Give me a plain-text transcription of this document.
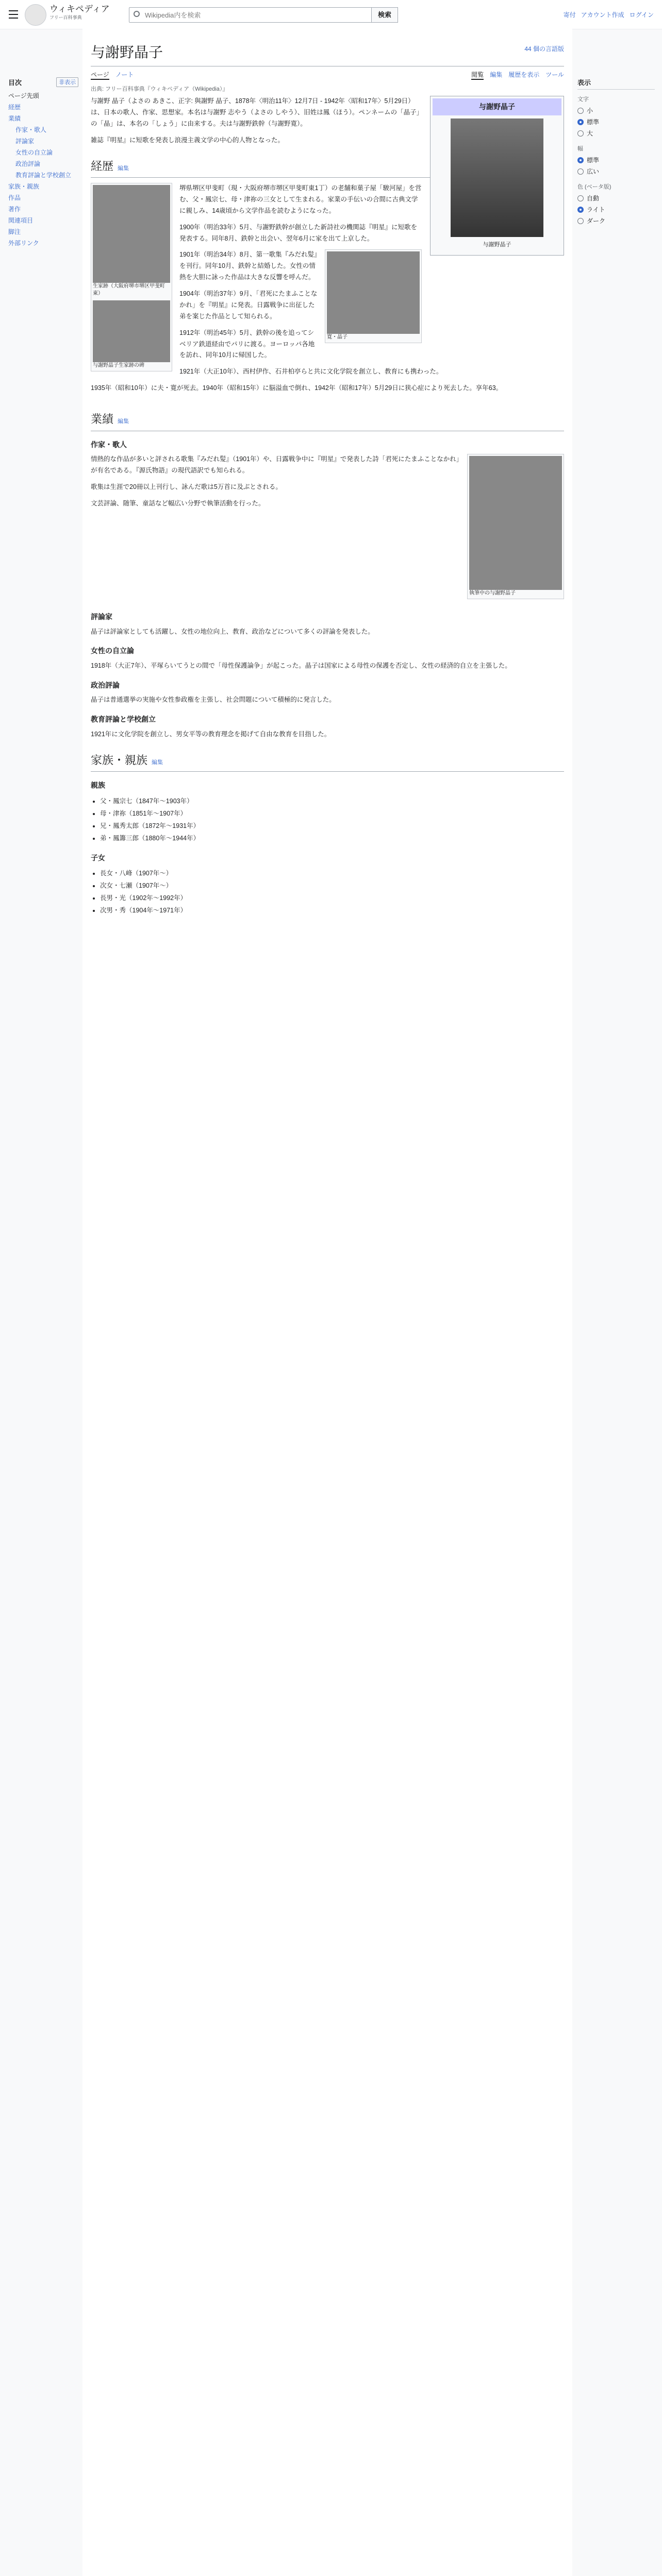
ウィキペディア
フリー百科事典
Wikipedia内を検索	検索	寄付 アカウント作成 ログイン
目次	非表示
ページ先頭
経歴
業績
作家・歌人
評論家
女性の自立論
政治評論
教育評論と学校創立
家族・親族
作品
著作
関連項目
脚注
外部リンク
表示
文字
小
標準
大
幅
標準
広い
色 (ベータ版)
自動
ライト
ダーク
与謝野晶子	44 個の言語版
ページ ノート	閲覧 編集 履歴を表示 ツール
出典: フリー百科事典『ウィキペディア（Wikipedia）』
与謝野晶子
与謝野晶子

与謝野 晶子（よさの あきこ、正字: 與謝野 晶子、1878年〈明治11年〉12月7日 - 1942年〈昭和17年〉5月29日）は、日本の歌人、作家、思想家。本名は与謝野 志やう（よさの しやう）、旧姓は鳳（ほう）。ペンネームの「晶子」の「晶」は、本名の「しょう」に由来する。夫は与謝野鉄幹（与謝野寛）。

雑誌『明星』に短歌を発表し浪漫主義文学の中心的人物となった。

経歴 編集
生家跡（大阪府堺市堺区甲斐町東）
与謝野晶子生家跡の碑

堺県堺区甲斐町（現・大阪府堺市堺区甲斐町東1丁）の老舗和菓子屋「駿河屋」を営む、父・鳳宗七、母・津祢の三女として生まれる。家業の手伝いの合間に古典文学に親しみ、14歳頃から文学作品を読むようになった。

1900年（明治33年）5月、与謝野鉄幹が創立した新詩社の機関誌『明星』に短歌を発表する。同年8月、鉄幹と出会い、翌年6月に家を出て上京した。

寛・晶子

1901年（明治34年）8月、第一歌集『みだれ髪』を刊行。同年10月、鉄幹と結婚した。女性の情熱を大胆に詠った作品は大きな反響を呼んだ。

1904年（明治37年）9月、「君死にたまふことなかれ」を『明星』に発表。日露戦争に出征した弟を案じた作品として知られる。

1912年（明治45年）5月、鉄幹の後を追ってシベリア鉄道経由でパリに渡る。ヨーロッパ各地を訪れ、同年10月に帰国した。

1921年（大正10年）、西村伊作、石井柏亭らと共に文化学院を創立し、教育にも携わった。

1935年（昭和10年）に夫・寛が死去。1940年（昭和15年）に脳溢血で倒れ、1942年（昭和17年）5月29日に狭心症により死去した。享年63。

業績 編集
作家・歌人
執筆中の与謝野晶子

情熱的な作品が多いと評される歌集『みだれ髪』（1901年）や、日露戦争中に『明星』で発表した詩「君死にたまふことなかれ」が有名である。『源氏物語』の現代語訳でも知られる。

歌集は生涯で20冊以上刊行し、詠んだ歌は5万首に及ぶとされる。

文芸評論、随筆、童話など幅広い分野で執筆活動を行った。

評論家

晶子は評論家としても活躍し、女性の地位向上、教育、政治などについて多くの評論を発表した。

女性の自立論

1918年（大正7年）、平塚らいてうとの間で「母性保護論争」が起こった。晶子は国家による母性の保護を否定し、女性の経済的自立を主張した。

政治評論

晶子は普通選挙の実施や女性参政権を主張し、社会問題について積極的に発言した。

教育評論と学校創立

1921年に文化学院を創立し、男女平等の教育理念を掲げて自由な教育を目指した。

家族・親族 編集
親族
• 父・鳳宗七（1847年〜1903年）
• 母・津祢（1851年〜1907年）
• 兄・鳳秀太郎（1872年〜1931年）
• 弟・鳳籌三郎（1880年〜1944年）
子女
• 長女・八峰（1907年〜）
• 次女・七瀬（1907年〜）
• 長男・光（1902年〜1992年）
• 次男・秀（1904年〜1971年）
